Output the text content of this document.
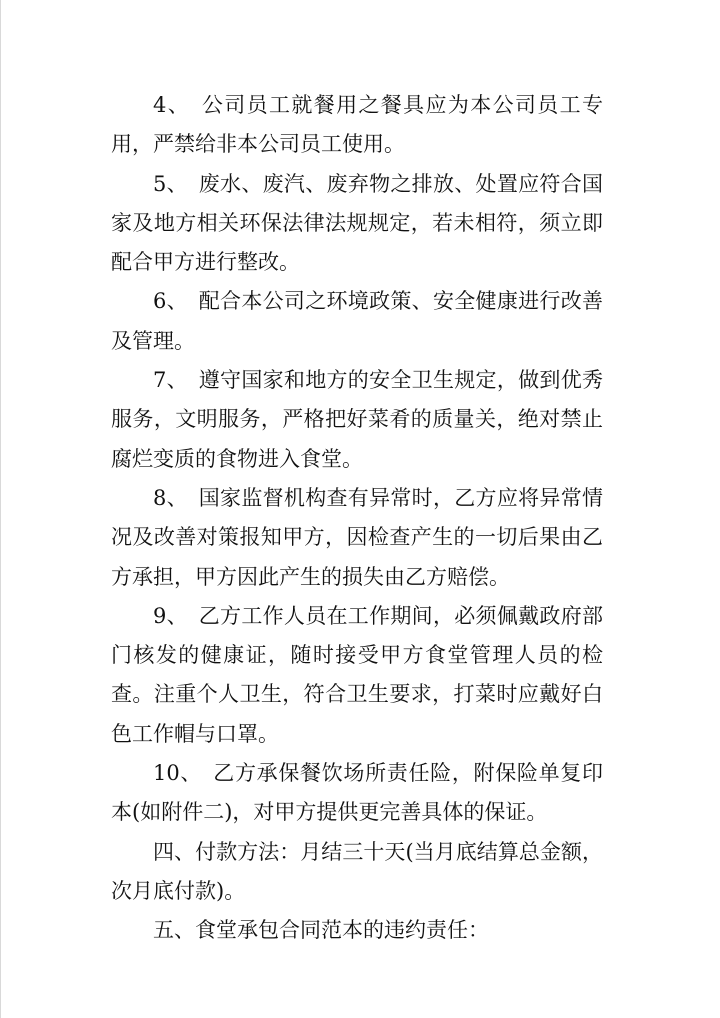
4、　公司员工就餐用之餐具应为本公司员工专用，严禁给非本公司员工使用。

5、　废水、废汽、废弃物之排放、处置应符合国家及地方相关环保法律法规规定，若未相符，须立即配合甲方进行整改。

6、　配合本公司之环境政策、安全健康进行改善及管理。

7、　遵守国家和地方的安全卫生规定，做到优秀服务，文明服务，严格把好菜肴的质量关，绝对禁止腐烂变质的食物进入食堂。

8、　国家监督机构查有异常时，乙方应将异常情况及改善对策报知甲方，因检查产生的一切后果由乙方承担，甲方因此产生的损失由乙方赔偿。

9、　乙方工作人员在工作期间，必须佩戴政府部门核发的健康证，随时接受甲方食堂管理人员的检查。注重个人卫生，符合卫生要求，打菜时应戴好白色工作帽与口罩。

10、　乙方承保餐饮场所责任险，附保险单复印本(如附件二)，对甲方提供更完善具体的保证。

四、付款方法：月结三十天(当月底结算总金额，次月底付款)。

五、食堂承包合同范本的违约责任：
